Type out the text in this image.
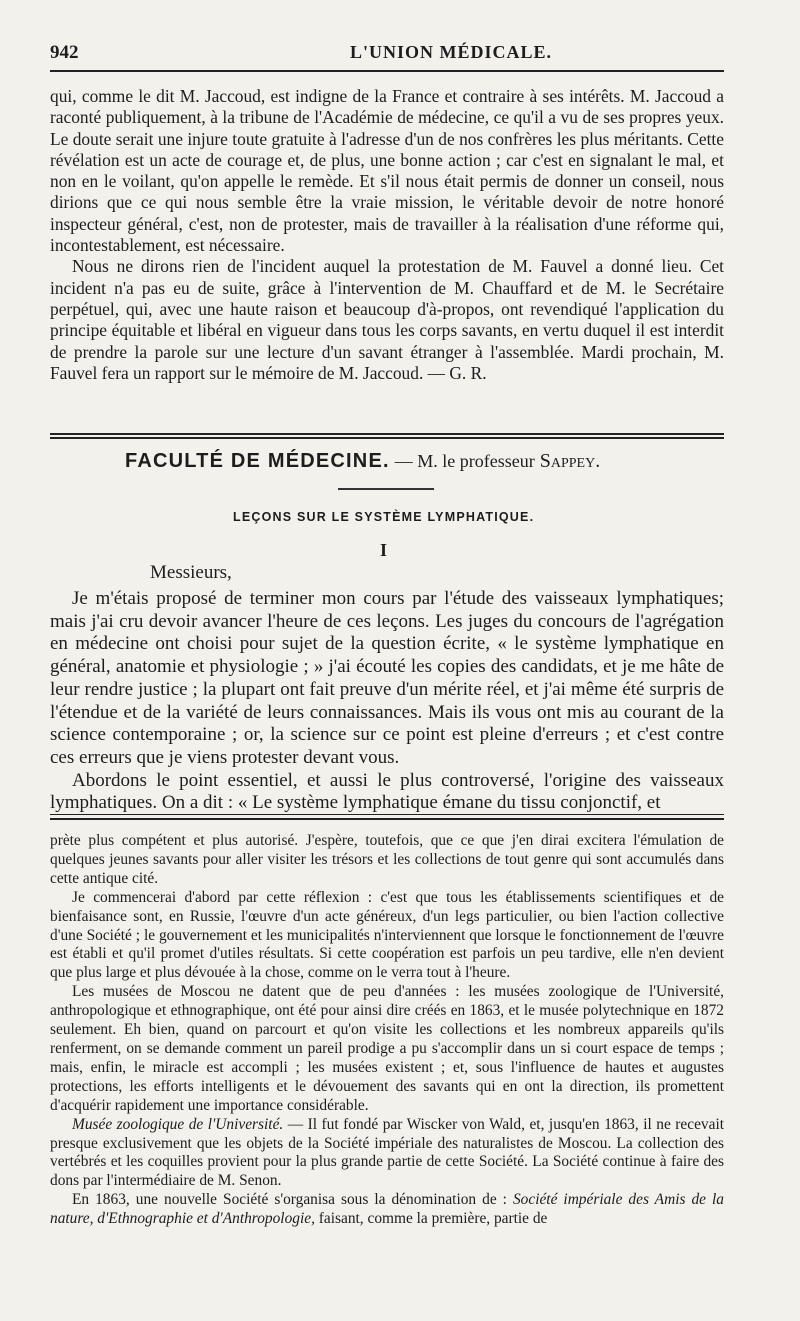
942	L'UNION MÉDICALE.

qui, comme le dit M. Jaccoud, est indigne de la France et contraire à ses intérêts. M. Jaccoud a raconté publiquement, à la tribune de l'Académie de médecine, ce qu'il a vu de ses propres yeux. Le doute serait une injure toute gratuite à l'adresse d'un de nos confrères les plus méritants. Cette révélation est un acte de courage et, de plus, une bonne action ; car c'est en signalant le mal, et non en le voilant, qu'on appelle le remède. Et s'il nous était permis de donner un conseil, nous dirions que ce qui nous semble être la vraie mission, le véritable devoir de notre honoré inspecteur général, c'est, non de protester, mais de travailler à la réalisation d'une réforme qui, incontestablement, est nécessaire.

Nous ne dirons rien de l'incident auquel la protestation de M. Fauvel a donné lieu. Cet incident n'a pas eu de suite, grâce à l'intervention de M. Chauffard et de M. le Secrétaire perpétuel, qui, avec une haute raison et beaucoup d'à-propos, ont revendiqué l'application du principe équitable et libéral en vigueur dans tous les corps savants, en vertu duquel il est interdit de prendre la parole sur une lecture d'un savant étranger à l'assemblée. Mardi prochain, M. Fauvel fera un rapport sur le mémoire de M. Jaccoud. — G. R.

FACULTÉ DE MÉDECINE. — M. le professeur Sappey.
LEÇONS SUR LE SYSTÈME LYMPHATIQUE.
I
Messieurs,

Je m'étais proposé de terminer mon cours par l'étude des vaisseaux lymphatiques; mais j'ai cru devoir avancer l'heure de ces leçons. Les juges du concours de l'agrégation en médecine ont choisi pour sujet de la question écrite, « le système lymphatique en général, anatomie et physiologie ; » j'ai écouté les copies des candidats, et je me hâte de leur rendre justice ; la plupart ont fait preuve d'un mérite réel, et j'ai même été surpris de l'étendue et de la variété de leurs connaissances. Mais ils vous ont mis au courant de la science contemporaine ; or, la science sur ce point est pleine d'erreurs ; et c'est contre ces erreurs que je viens protester devant vous.

Abordons le point essentiel, et aussi le plus controversé, l'origine des vaisseaux lymphatiques. On a dit : « Le système lymphatique émane du tissu conjonctif, et

prète plus compétent et plus autorisé. J'espère, toutefois, que ce que j'en dirai excitera l'émulation de quelques jeunes savants pour aller visiter les trésors et les collections de tout genre qui sont accumulés dans cette antique cité.

Je commencerai d'abord par cette réflexion : c'est que tous les établissements scientifiques et de bienfaisance sont, en Russie, l'œuvre d'un acte généreux, d'un legs particulier, ou bien l'action collective d'une Société ; le gouvernement et les municipalités n'interviennent que lorsque le fonctionnement de l'œuvre est établi et qu'il promet d'utiles résultats. Si cette coopération est parfois un peu tardive, elle n'en devient que plus large et plus dévouée à la chose, comme on le verra tout à l'heure.

Les musées de Moscou ne datent que de peu d'années : les musées zoologique de l'Université, anthropologique et ethnographique, ont été pour ainsi dire créés en 1863, et le musée polytechnique en 1872 seulement. Eh bien, quand on parcourt et qu'on visite les collections et les nombreux appareils qu'ils renferment, on se demande comment un pareil prodige a pu s'accomplir dans un si court espace de temps ; mais, enfin, le miracle est accompli ; les musées existent ; et, sous l'influence de hautes et augustes protections, les efforts intelligents et le dévouement des savants qui en ont la direction, ils promettent d'acquérir rapidement une importance considérable.

Musée zoologique de l'Université. — Il fut fondé par Wiscker von Wald, et, jusqu'en 1863, il ne recevait presque exclusivement que les objets de la Société impériale des naturalistes de Moscou. La collection des vertébrés et les coquilles provient pour la plus grande partie de cette Société. La Société continue à faire des dons par l'intermédiaire de M. Senon.

En 1863, une nouvelle Société s'organisa sous la dénomination de : Société impériale des Amis de la nature, d'Ethnographie et d'Anthropologie, faisant, comme la première, partie de
